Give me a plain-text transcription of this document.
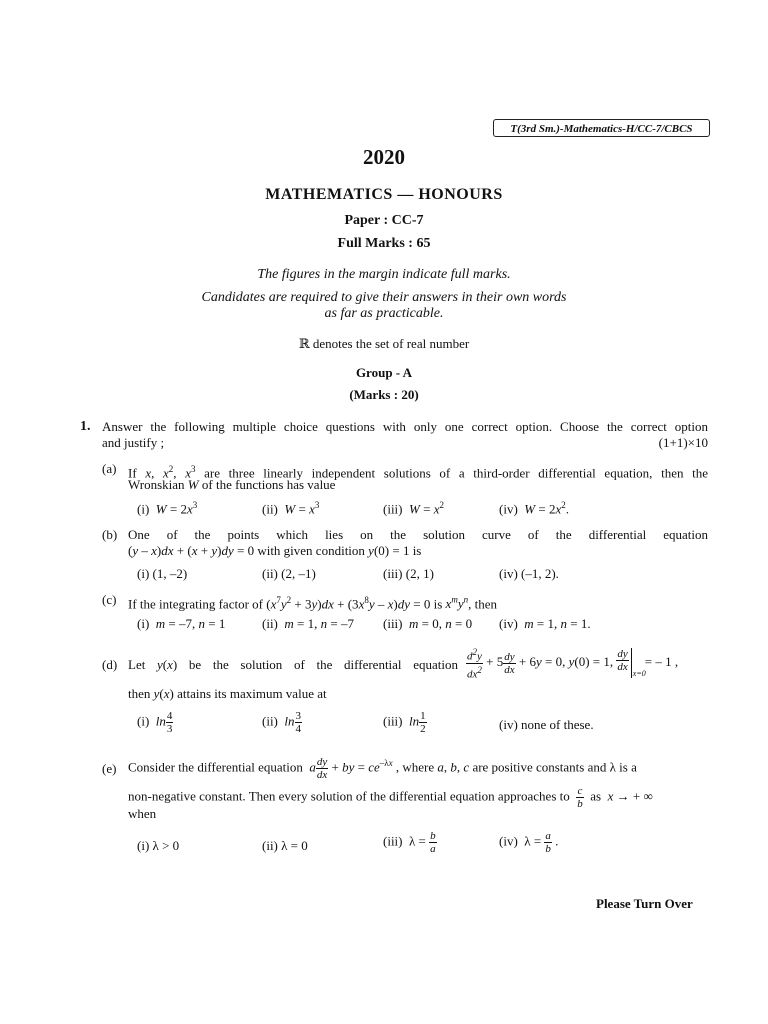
T(3rd Sm.)-Mathematics-H/CC-7/CBCS
2020
MATHEMATICS — HONOURS
Paper : CC-7
Full Marks : 65
The figures in the margin indicate full marks.
Candidates are required to give their answers in their own words
as far as practicable.
ℝ denotes the set of real number
Group - A
(Marks : 20)
1. Answer the following multiple choice questions with only one correct option. Choose the correct option
and justify ;	(1+1)×10
(a) If x, $x^2$, $x^3$ are three linearly independent solutions of a third-order differential equation, then the
Wronskian W of the functions has value
(i) $W = 2x^3$	(ii) $W = x^3$	(iii) $W = x^2$	(iv) $W = 2x^2$.
(b) One of the points which lies on the solution curve of the differential equation
(y – x)dx + (x + y)dy = 0 with given condition y(0) = 1 is
(i) (1, –2)	(ii) (2, –1)	(iii) (2, 1)	(iv) (–1, 2).
(c) If the integrating factor of $(x^7y^2 + 3y)dx + (3x^8y - x)dy = 0$ is $x^my^n$, then
(i) m = –7, n = 1	(ii) m = 1, n = –7 (iii) m = 0, n = 0 (iv) m = 1, n = 1.
(d) Let y(x) be the solution of the differential equation $\frac{d^2y}{dx^2} + 5 \frac{dy}{dx} + 6y = 0$, y(0) = 1, $\frac{dy}{dx}$
x=0
= – 1 ,
then y(x) attains its maximum value at
(i) $\ln \frac{4}{3}$	(ii) $\ln \frac{3}{4}$	(iii) $\ln \frac{1}{2}$	(iv) none of these.
(e) Consider the differential equation  a $\frac{dy}{dx}$ + by = $ce^{-\lambda x}$ , where a, b, c are positive constants and λ is a
non-negative constant. Then every solution of the differential equation approaches to $\frac{c}{b}$ as  x → + ∞
when
(i) λ > 0	(ii) λ = 0	(iii)  $\lambda = \frac{b}{a}$	(iv)  $\lambda = \frac{a}{b}$ .
Please Turn Over
